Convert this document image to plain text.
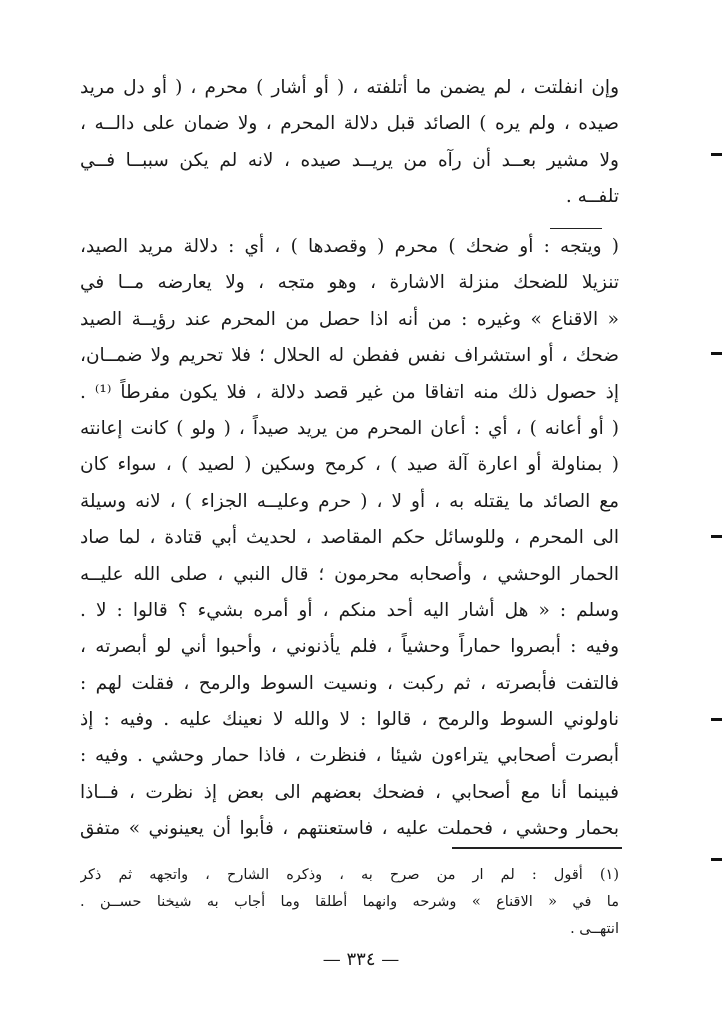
وإن انفلتت ، لم يضمن ما أتلفته ، ( أو أشار ) محرم ، ( أو دل مريد
صيده ، ولم يره ) الصائد قبل دلالة المحرم ، ولا ضمان على دالــه ،
ولا مشير بعــد أن رآه من يريــد صيده ، لانه لم يكن سببــا فــي
تلفــه .
( ويتجه : أو ضحك ) محرم ( وقصدها ) ، أي : دلالة مريد الصيد،
تنزيلا للضحك منزلة الاشارة ، وهو متجه ، ولا يعارضه مــا في
« الاقناع » وغيره : من أنه اذا حصل من المحرم عند رؤيــة الصيد
ضحك ، أو استشراف نفس ففطن له الحلال ؛ فلا تحريم ولا ضمــان،
إذ حصول ذلك منه اتفاقا من غير قصد دلالة ، فلا يكون مفرطاً ⁽¹⁾ .
( أو أعانه ) ، أي : أعان المحرم من يريد صيداً ، ( ولو ) كانت إعانته
( بمناولة أو اعارة آلة صيد ) ، كرمح وسكين ( لصيد ) ، سواء كان
مع الصائد ما يقتله به ، أو لا ، ( حرم وعليــه الجزاء ) ، لانه وسيلة
الى المحرم ، وللوسائل حكم المقاصد ، لحديث أبي قتادة ، لما صاد
الحمار الوحشي ، وأصحابه محرمون ؛ قال النبي ، صلى الله عليــه
وسلم : « هل أشار اليه أحد منكم ، أو أمره بشيء ؟ قالوا : لا .
وفيه : أبصروا حماراً وحشياً ، فلم يأذنوني ، وأحبوا أني لو أبصرته ،
فالتفت فأبصرته ، ثم ركبت ، ونسيت السوط والرمح ، فقلت لهم :
ناولوني السوط والرمح ، قالوا : لا والله لا نعينك عليه . وفيه : إذ
أبصرت أصحابي يتراءون شيئا ، فنظرت ، فاذا حمار وحشي . وفيه :
فبينما أنا مع أصحابي ، فضحك بعضهم الى بعض إذ نظرت ، فــاذا
بحمار وحشي ، فحملت عليه ، فاستعنتهم ، فأبوا أن يعينوني » متفق
(١) أقول : لم ار من صرح به ، وذكره الشارح ، واتجهه ثم ذكر
ما في « الاقناع » وشرحه وانهما أطلقا وما أجاب به شيخنا حســن .
انتهــى .
— ٣٣٤ —
